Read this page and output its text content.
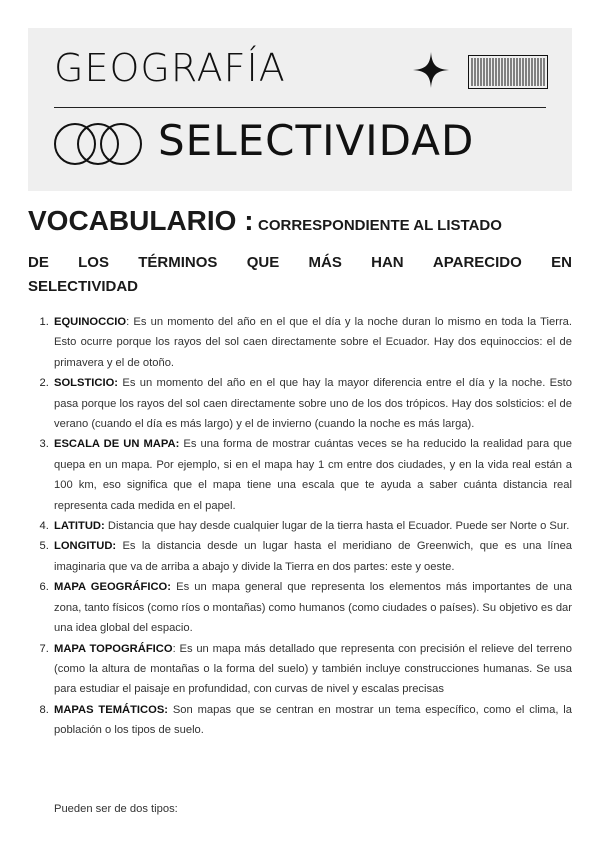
GEOGRAFÍA
SELECTIVIDAD
VOCABULARIO : CORRESPONDIENTE AL LISTADO
DE LOS TÉRMINOS QUE MÁS HAN APARECIDO EN
SELECTIVIDAD
1. EQUINOCCIO: Es un momento del año en el que el día y la noche duran lo mismo en toda la Tierra. Esto ocurre porque los rayos del sol caen directamente sobre el Ecuador. Hay dos equinoccios: el de primavera y el de otoño.
2. SOLSTICIO: Es un momento del año en el que hay la mayor diferencia entre el día y la noche. Esto pasa porque los rayos del sol caen directamente sobre uno de los dos trópicos. Hay dos solsticios: el de verano (cuando el día es más largo) y el de invierno (cuando la noche es más larga).
3. ESCALA DE UN MAPA: Es una forma de mostrar cuántas veces se ha reducido la realidad para que quepa en un mapa. Por ejemplo, si en el mapa hay 1 cm entre dos ciudades, y en la vida real están a 100 km, eso significa que el mapa tiene una escala que te ayuda a saber cuánta distancia real representa cada medida en el papel.
4. LATITUD: Distancia que hay desde cualquier lugar de la tierra hasta el Ecuador. Puede ser Norte o Sur.
5. LONGITUD: Es la distancia desde un lugar hasta el meridiano de Greenwich, que es una línea imaginaria que va de arriba a abajo y divide la Tierra en dos partes: este y oeste.
6. MAPA GEOGRÁFICO: Es un mapa general que representa los elementos más importantes de una zona, tanto físicos (como ríos o montañas) como humanos (como ciudades o países). Su objetivo es dar una idea global del espacio.
7. MAPA TOPOGRÁFICO: Es un mapa más detallado que representa con precisión el relieve del terreno (como la altura de montañas o la forma del suelo) y también incluye construcciones humanas. Se usa para estudiar el paisaje en profundidad, con curvas de nivel y escalas precisas
8. MAPAS TEMÁTICOS: Son mapas que se centran en mostrar un tema específico, como el clima, la población o los tipos de suelo.
Pueden ser de dos tipos:
